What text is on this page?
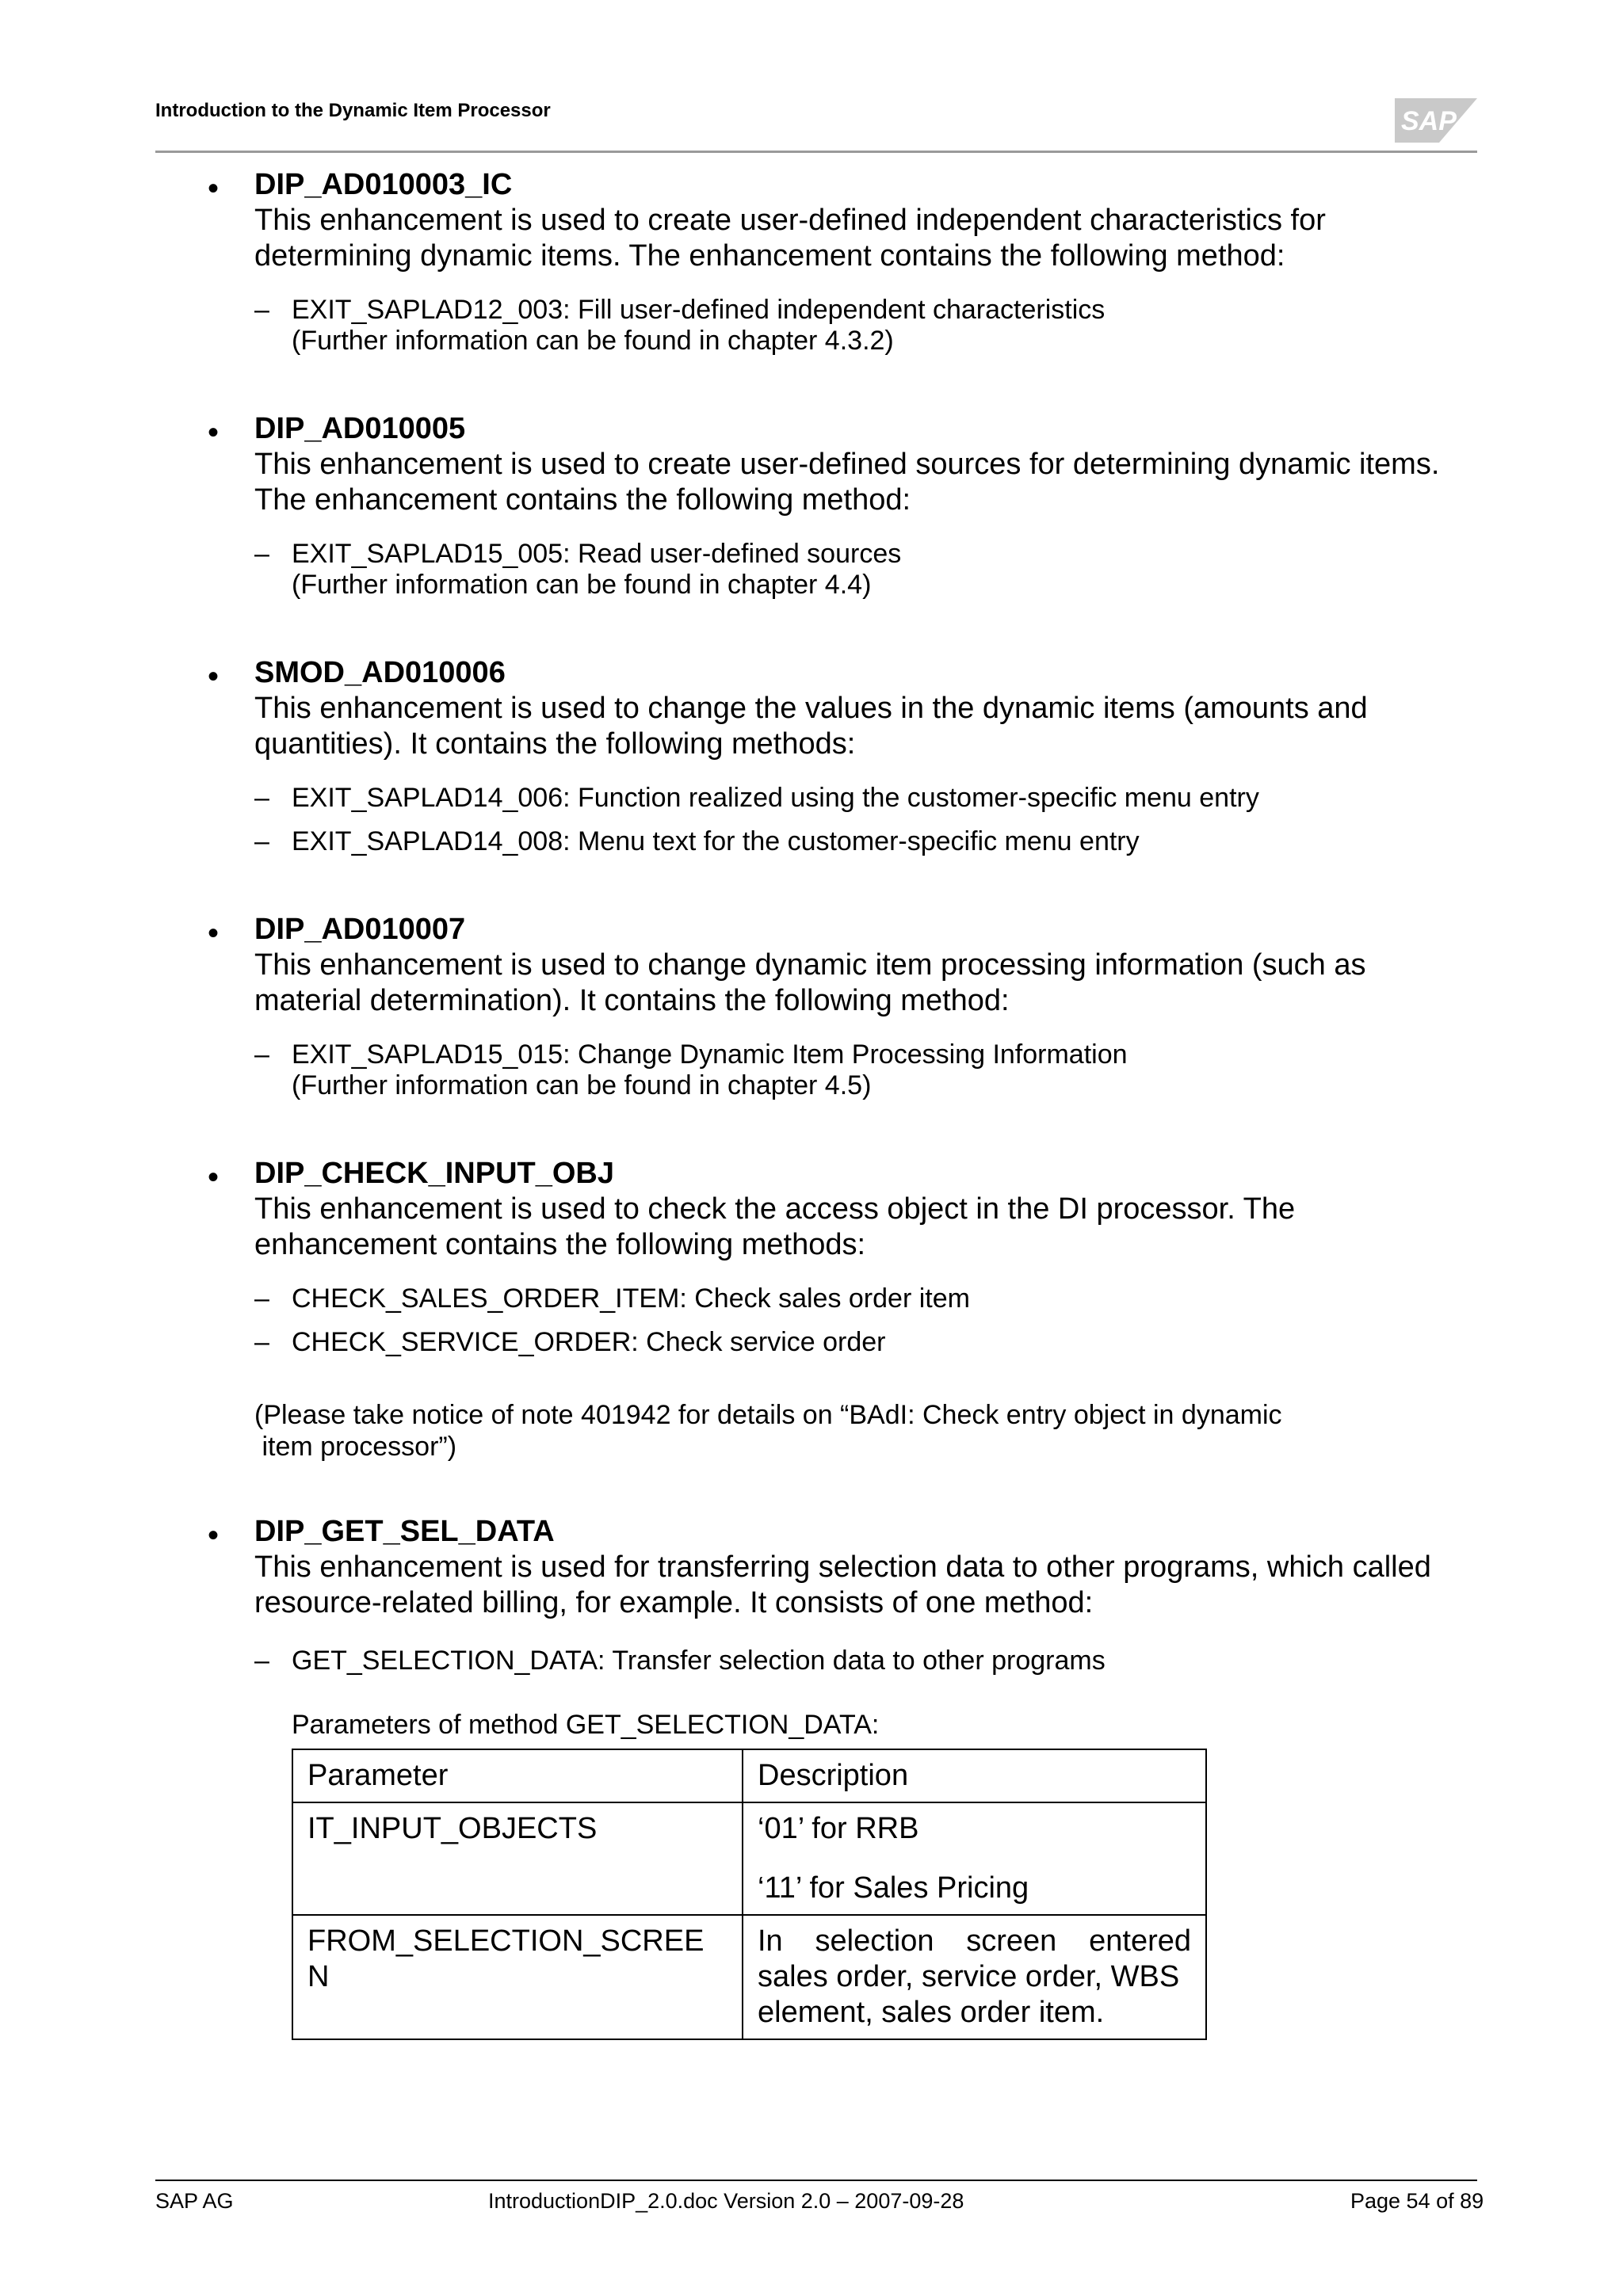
Introduction to the Dynamic Item Processor	SAP
• DIP_AD010003_IC
This enhancement is used to create user-defined independent characteristics for
determining dynamic items. The enhancement contains the following method:
– EXIT_SAPLAD12_003: Fill user-defined independent characteristics
(Further information can be found in chapter 4.3.2)
• DIP_AD010005
This enhancement is used to create user-defined sources for determining dynamic items.
The enhancement contains the following method:
– EXIT_SAPLAD15_005: Read user-defined sources
(Further information can be found in chapter 4.4)
• SMOD_AD010006
This enhancement is used to change the values in the dynamic items (amounts and
quantities). It contains the following methods:
– EXIT_SAPLAD14_006: Function realized using the customer-specific menu entry
– EXIT_SAPLAD14_008: Menu text for the customer-specific menu entry
• DIP_AD010007
This enhancement is used to change dynamic item processing information (such as
material determination). It contains the following method:
– EXIT_SAPLAD15_015: Change Dynamic Item Processing Information
(Further information can be found in chapter 4.5)
• DIP_CHECK_INPUT_OBJ
This enhancement is used to check the access object in the DI processor. The
enhancement contains the following methods:
– CHECK_SALES_ORDER_ITEM: Check sales order item
– CHECK_SERVICE_ORDER: Check service order
(Please take notice of note 401942 for details on “BAdI: Check entry object in dynamic
item processor”)
• DIP_GET_SEL_DATA
This enhancement is used for transferring selection data to other programs, which called
resource-related billing, for example. It consists of one method:
– GET_SELECTION_DATA: Transfer selection data to other programs
Parameters of method GET_SELECTION_DATA:
Parameter	Description
IT_INPUT_OBJECTS	‘01’ for RRB
‘11’ for Sales Pricing

FROM_SELECTION_SCREE
N	In selection screen entered
sales order, service order, WBS
element, sales order item.
SAP AG	IntroductionDIP_2.0.doc Version 2.0 – 2007-09-28	Page 54 of 89
